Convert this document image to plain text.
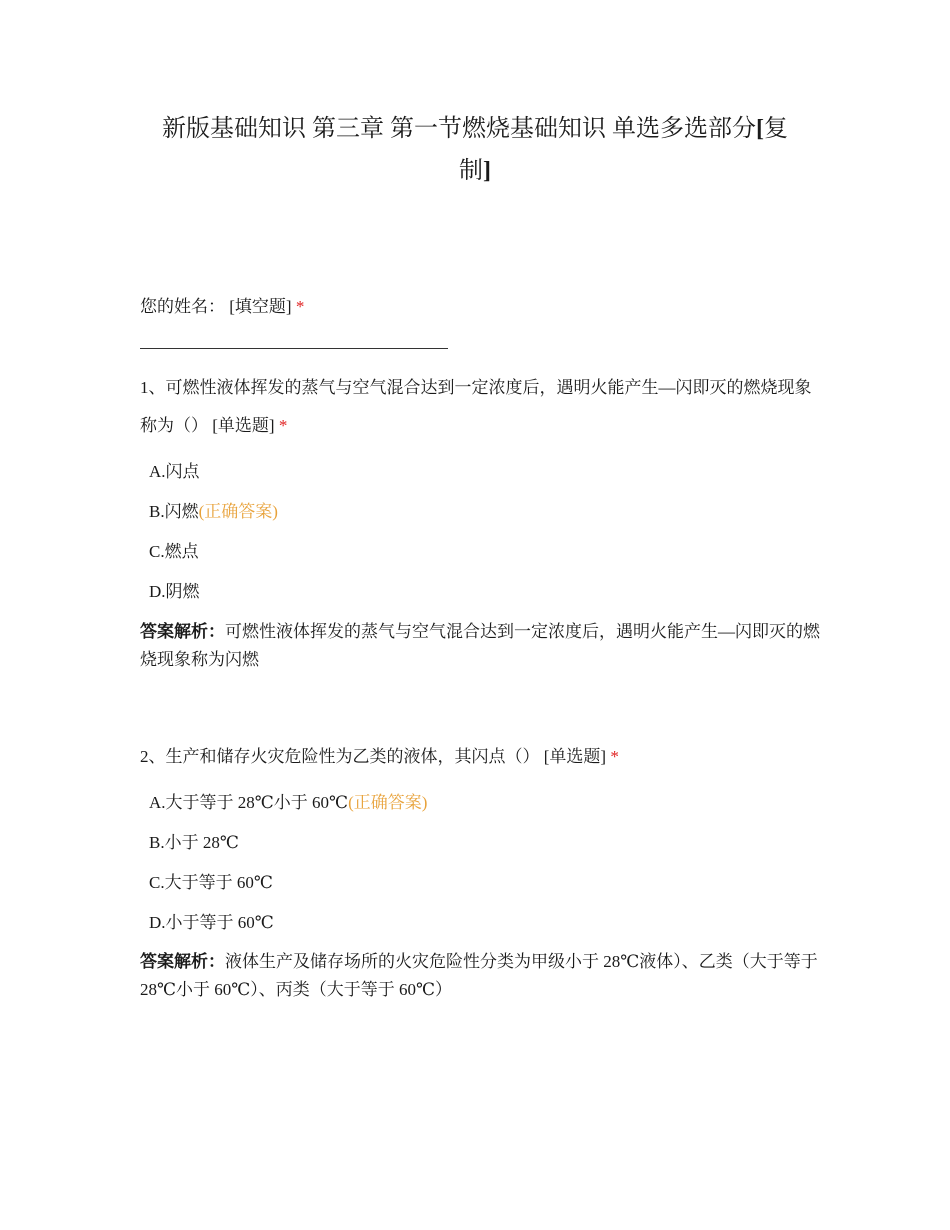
新版基础知识 第三章 第一节燃烧基础知识 单选多选部分[复制]
您的姓名： [填空题] *
1、可燃性液体挥发的蒸气与空气混合达到一定浓度后，遇明火能产生—闪即灭的燃烧现象称为（） [单选题] *
A.闪点
B.闪燃(正确答案)
C.燃点
D.阴燃
答案解析：可燃性液体挥发的蒸气与空气混合达到一定浓度后，遇明火能产生—闪即灭的燃烧现象称为闪燃
2、生产和储存火灾危险性为乙类的液体，其闪点（） [单选题] *
A.大于等于 28℃小于 60℃(正确答案)
B.小于 28℃
C.大于等于 60℃
D.小于等于 60℃
答案解析：液体生产及储存场所的火灾危险性分类为甲级小于 28℃液体）、乙类（大于等于 28℃小于 60℃）、丙类（大于等于 60℃）
